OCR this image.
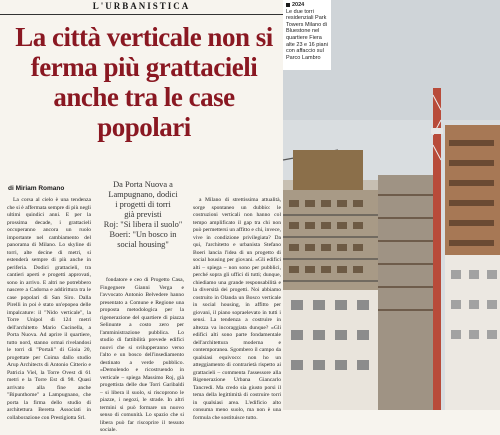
L'URBANISTICA
La città verticale non si ferma più grattacieli anche tra le case popolari
di Miriam Romano

La corsa al cielo è una tendenza che si è affermata sempre di più negli ultimi quindici anni. E per la prossima decade, i grattacieli occuperanno ancora un ruolo importante nel cambiamento del panorama di Milano. Lo skyline di torri, alte decine di metri, si estenderà sempre di più anche in periferia. Dodici grattacieli, tra cantieri aperti e progetti approvati, sono in arrivo. E altri ne potrebbero nascere a Cadorna e addirittura tra le case popolari di San Siro. Dalla Pirelli in poi è stato un'epopea delle impalcature: il "Nido verticale", la Torre Unipol di 124 metri dell'architetto Mario Cucinella, a Porta Nuova. Ad aprire il quartiere, tutto nord, stanno ormai rivelandosi le torri di "Portali" di Gioia 20, progettate per Coima dallo studio Arup Architects di Antonio Citterio e Patricia Viel, la Torre Ovest di 61 metri e la Torre Est di 98. Quasi arrivato alla fine anche "Bipunthome" a Lampugnano, che porta la firma dello studio di architettura Beretta Associati in collaborazione con Prestigiotta Srl.

Da Porta Nuova a
Lampugnano, dodici
i progetti di torri
già previsti
Roj: "Si libera il suolo"
Boeri: "Un bosco in
social housing"

fondatore e ceo di Progetto Casa, Fingegnere Gianni Verga e l'avvocato Antonio Belvedere hanno presentato a Comune e Regione una proposta metodologica per la rigenerazione del quartiere di piazza Selinunte a costo zero per l'amministrazione pubblica. Lo studio di fattibilità prevede edifici nuovi che si svilupperanno verso l'alto e un bosco dell'insediamento destinato a verde pubblico. «Demolendo e ricostruendo in verticale – spiega Massimo Roj, già progettista delle due Torri Garibaldi – si libera il suolo, si riscoprono le piazze, i negozi, le strade. In altri termini si può formare un nuovo senso di comunità. Lo spazio che si libera può far riscoprire il tessuto sociale.

a Milano di strettissima attualità, sorge spontaneo un dubbio: le costruzioni verticali non hanno col tempo amplificato il gap tra chi non può permettersi un affitto e chi, invece, vive in condizione privilegiata? Da qui, l'architetto e urbanista Stefano Boeri lancia l'idea di un progetto di social housing per giovani. «Gli edifici alti – spiega – non sono per pubblici, perché sopra gli uffici di tutti; dunque, chiediamo una grande responsabilità e la diversità dei progetti. Noi abbiamo costruito in Olanda un Bosco verticale in social housing, in affitto per giovani, il piano sopraelevato in tutti i sensi. La tendenza a costruire in altezza va incoraggiata dunque? «Gli edifici alti sono parte fondamentale dell'architettura moderna e contemporanea. Sgombero il campo da qualsiasi equivoco: non ho un atteggiamento di contrarietà rispetto ai grattacieli – commenta l'assessore alla Rigenerazione Urbana Giancarlo Tancredi. Ma credo sia giusto porsi il tema della legittimità di costruire torri in qualsiasi area. L'edificio alto consuma meno suolo, ma non è una formula che sostituisce tutto.

2024
Le due torri residenziali Park Towers Milano di Bluestone nel quartiere Fiera alte 23 e 16 piani con affaccio sul Parco Lambro
